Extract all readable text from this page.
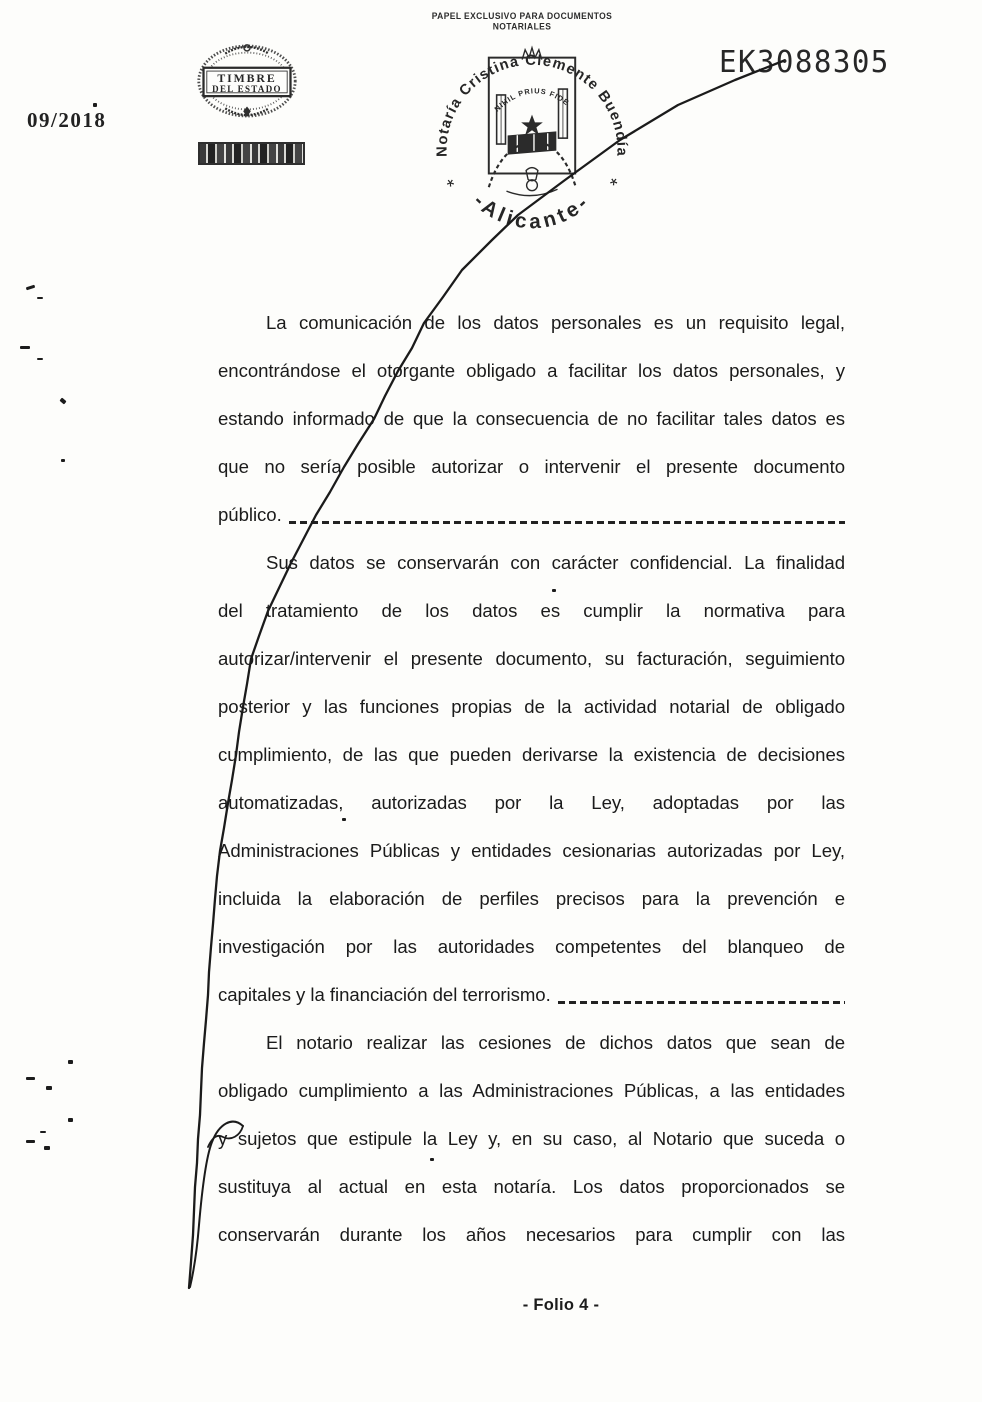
PAPEL EXCLUSIVO PARA DOCUMENTOS NOTARIALES
09/2018
EK3088305
TIMBRE
DEL ESTADO
Notaría Cristina Clemente Buendía
-Alicante-
*	*
NIHIL PRIUS FIDE
La comunicación de los datos personales es un requisito legal,
encontrándose el otorgante obligado a facilitar los datos personales, y
estando informado de que la consecuencia de no facilitar tales datos es
que no sería posible autorizar o intervenir el presente documento
público.
Sus datos se conservarán con carácter confidencial. La finalidad
del tratamiento de los datos es cumplir la normativa para
autorizar/intervenir el presente documento, su facturación, seguimiento
posterior y las funciones propias de la actividad notarial de obligado
cumplimiento, de las que pueden derivarse la existencia de decisiones
automatizadas, autorizadas por la Ley, adoptadas por las
Administraciones Públicas y entidades cesionarias autorizadas por Ley,
incluida la elaboración de perfiles precisos para la prevención e
investigación por las autoridades competentes del blanqueo de
capitales y la financiación del terrorismo.
El notario realizar las cesiones de dichos datos que sean de
obligado cumplimiento a las Administraciones Públicas, a las entidades
y sujetos que estipule la Ley y, en su caso, al Notario que suceda o
sustituya al actual en esta notaría. Los datos proporcionados se
conservarán durante los años necesarios para cumplir con las
- Folio 4 -
